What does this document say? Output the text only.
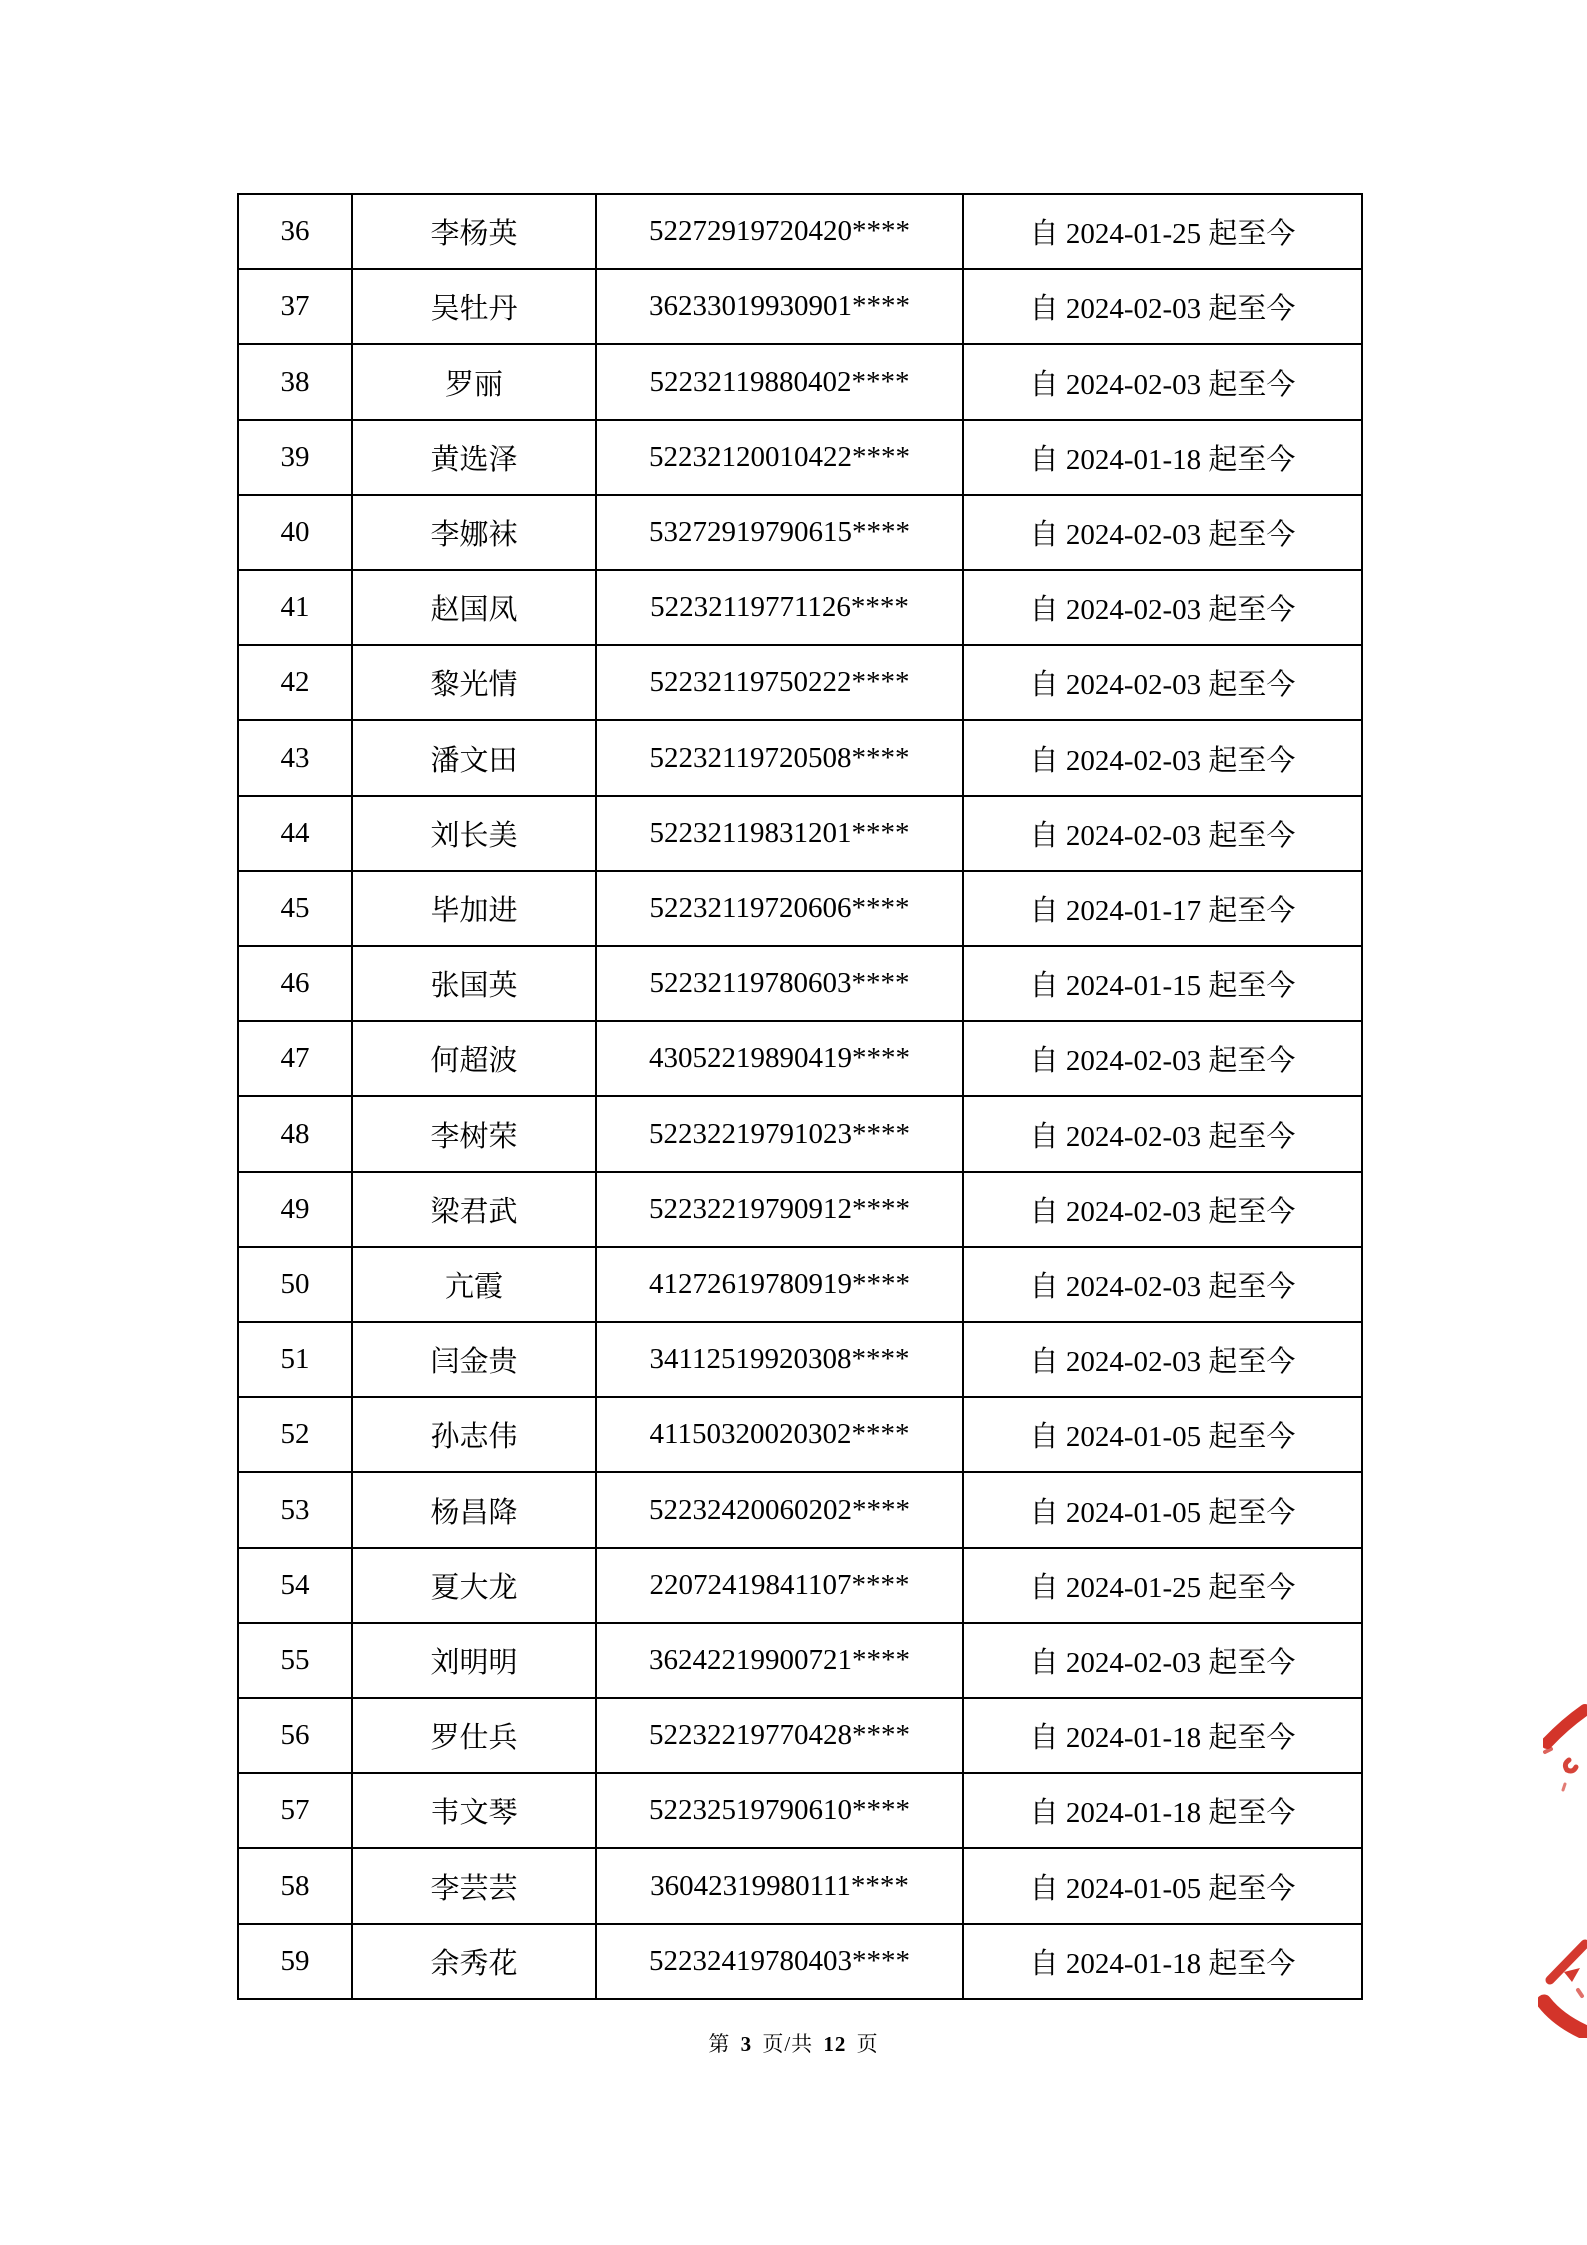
36	李杨英	52272919720420****	自 2024-01-25 起至今
37	吴牡丹	36233019930901****	自 2024-02-03 起至今
38	罗丽	52232119880402****	自 2024-02-03 起至今
39	黄选泽	52232120010422****	自 2024-01-18 起至今
40	李娜袜	53272919790615****	自 2024-02-03 起至今
41	赵国凤	52232119771126****	自 2024-02-03 起至今
42	黎光情	52232119750222****	自 2024-02-03 起至今
43	潘文田	52232119720508****	自 2024-02-03 起至今
44	刘长美	52232119831201****	自 2024-02-03 起至今
45	毕加进	52232119720606****	自 2024-01-17 起至今
46	张国英	52232119780603****	自 2024-01-15 起至今
47	何超波	43052219890419****	自 2024-02-03 起至今
48	李树荣	52232219791023****	自 2024-02-03 起至今
49	梁君武	52232219790912****	自 2024-02-03 起至今
50	亢霞	41272619780919****	自 2024-02-03 起至今
51	闫金贵	34112519920308****	自 2024-02-03 起至今
52	孙志伟	41150320020302****	自 2024-01-05 起至今
53	杨昌降	52232420060202****	自 2024-01-05 起至今
54	夏大龙	22072419841107****	自 2024-01-25 起至今
55	刘明明	36242219900721****	自 2024-02-03 起至今
56	罗仕兵	52232219770428****	自 2024-01-18 起至今
57	韦文琴	52232519790610****	自 2024-01-18 起至今
58	李芸芸	36042319980111****	自 2024-01-05 起至今
59	余秀花	52232419780403****	自 2024-01-18 起至今
第 3 页/共 12 页
